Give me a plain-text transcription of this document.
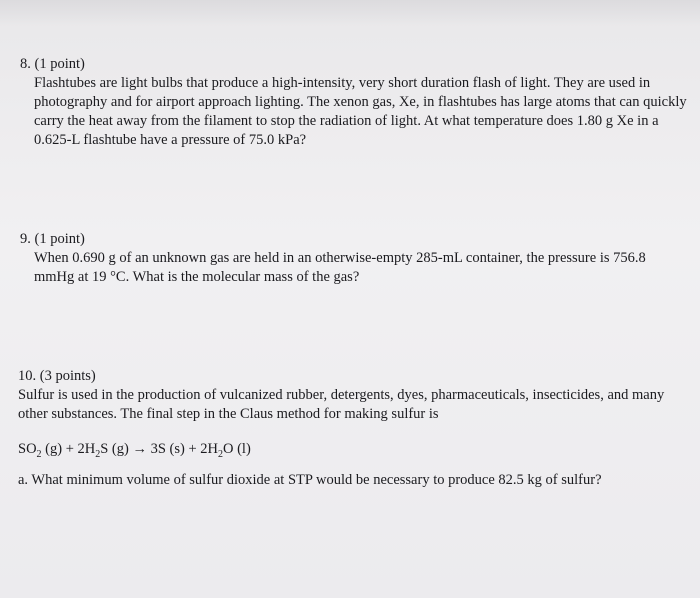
8. (1 point)
Flashtubes are light bulbs that produce a high-intensity, very short duration flash of light. They are used in photography and for airport approach lighting. The xenon gas, Xe, in flashtubes has large atoms that can quickly carry the heat away from the filament to stop the radiation of light. At what temperature does 1.80 g Xe in a 0.625-L flashtube have a pressure of 75.0 kPa?
9. (1 point)
When 0.690 g of an unknown gas are held in an otherwise-empty 285-mL container, the pressure is 756.8 mmHg at 19 °C. What is the molecular mass of the gas?
10. (3 points)
Sulfur is used in the production of vulcanized rubber, detergents, dyes, pharmaceuticals, insecticides, and many other substances. The final step in the Claus method for making sulfur is
$SO_2$ $(g) + 2H_2S$ (g) → 3S $(s) + 2H_2O$ (l)
a. What minimum volume of sulfur dioxide at STP would be necessary to produce 82.5 kg of sulfur?
